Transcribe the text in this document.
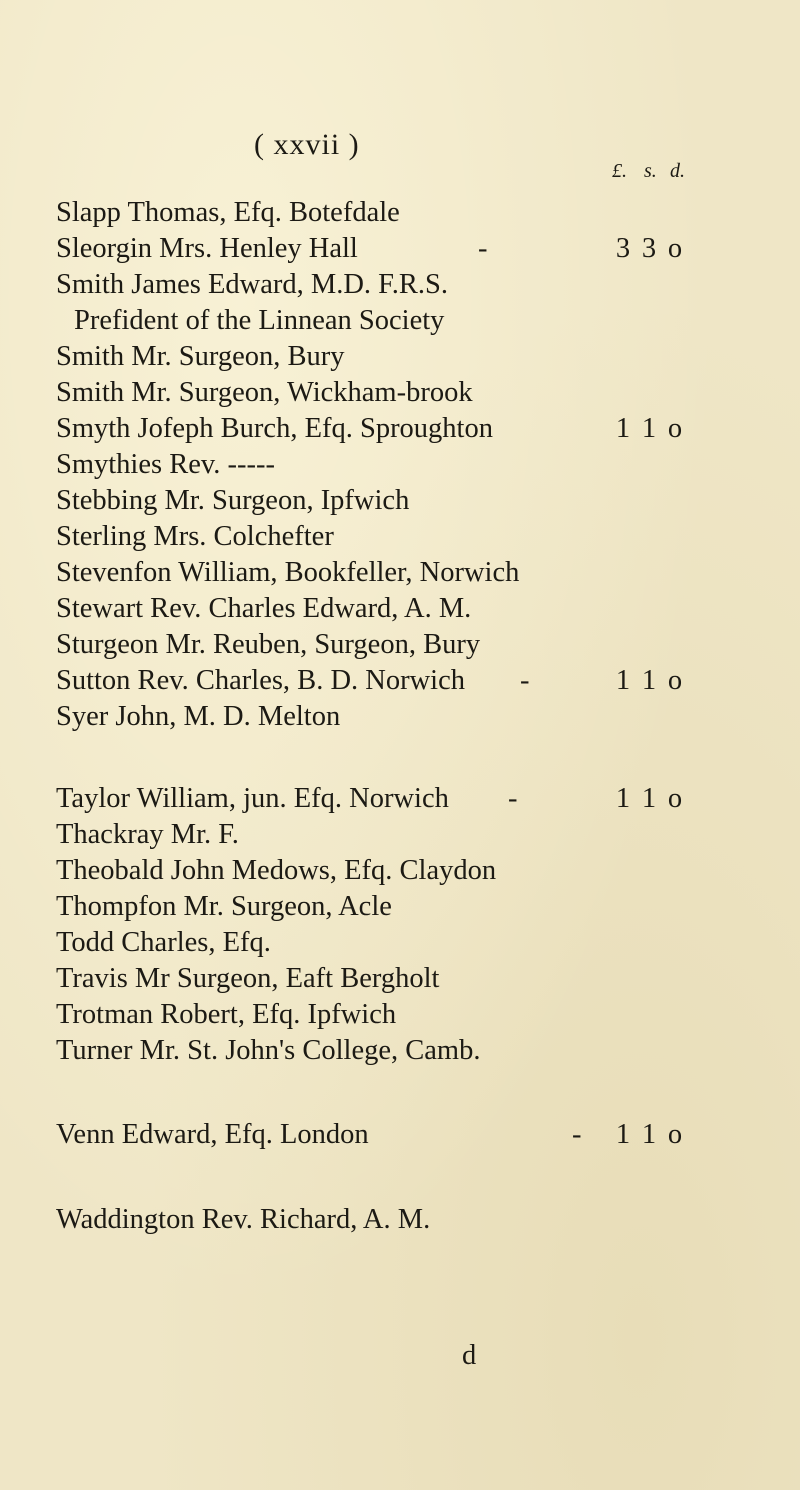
( xxvii )
£. s. d.
Slapp Thomas, Efq. Botefdale
Sleorgin Mrs. Henley Hall	-	3 3 o
Smith James Edward, M.D. F.R.S.
Prefident of the Linnean Society
Smith Mr. Surgeon, Bury
Smith Mr. Surgeon, Wickham-brook
Smyth Jofeph Burch, Efq. Sproughton	1 1 o
Smythies Rev. -----
Stebbing Mr. Surgeon, Ipfwich
Sterling Mrs. Colchefter
Stevenfon William, Bookfeller, Norwich
Stewart Rev. Charles Edward, A. M.
Sturgeon Mr. Reuben, Surgeon, Bury
Sutton Rev. Charles, B. D. Norwich -	1 1 o
Syer John, M. D. Melton
Taylor William, jun. Efq. Norwich -	1 1 o
Thackray Mr. F.
Theobald John Medows, Efq. Claydon
Thompfon Mr. Surgeon, Acle
Todd Charles, Efq.
Travis Mr Surgeon, Eaft Bergholt
Trotman Robert, Efq. Ipfwich
Turner Mr. St. John's College, Camb.
Venn Edward, Efq. London	- 1 1 o
Waddington Rev. Richard, A. M.
d
